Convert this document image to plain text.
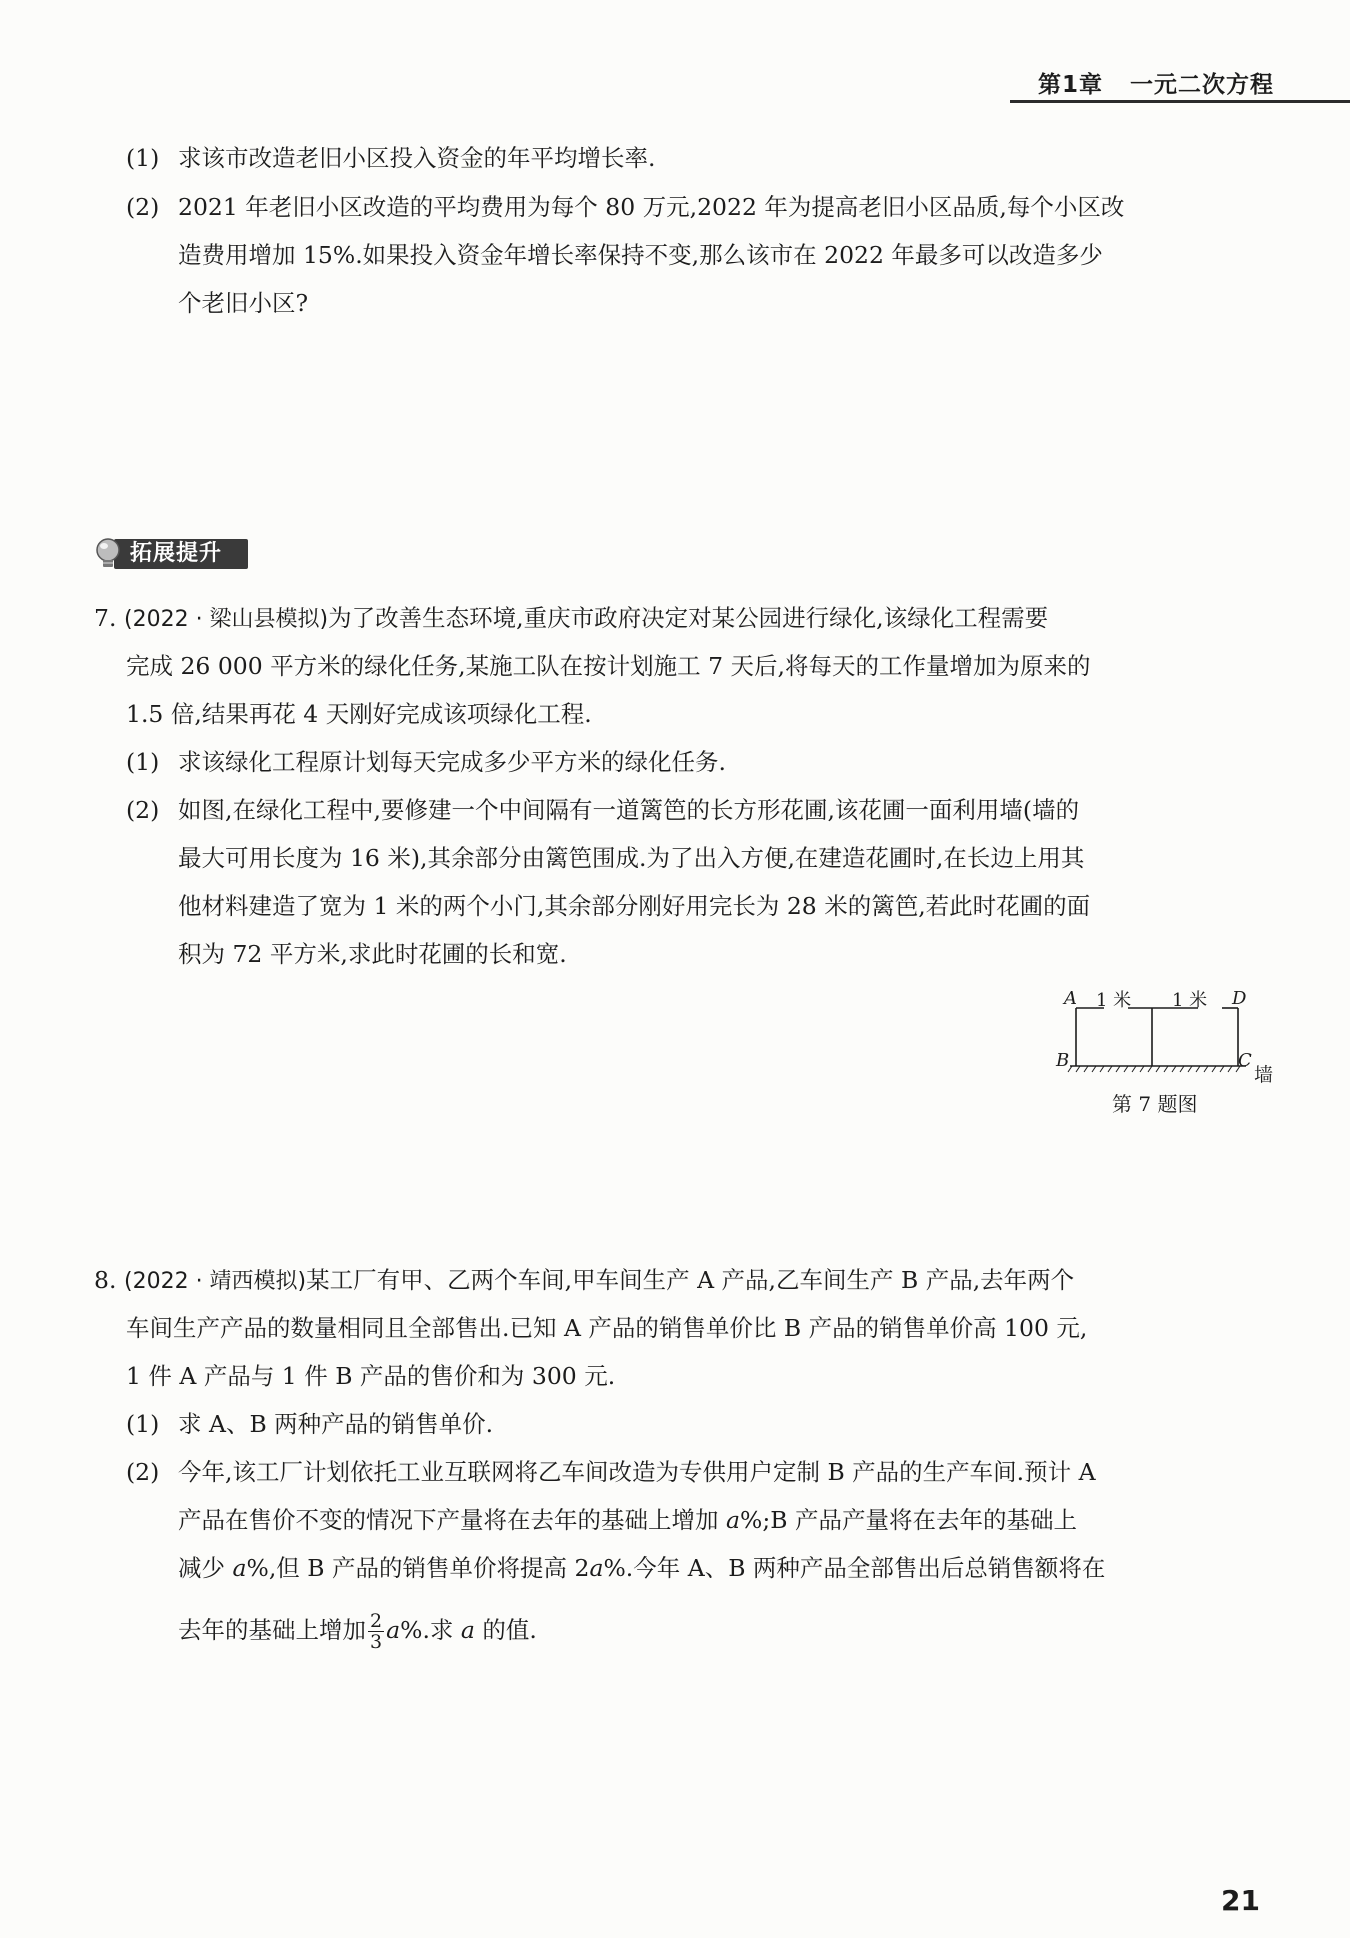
第1章 一元二次方程
(1) 求该市改造老旧小区投入资金的年平均增长率.
(2) 2021 年老旧小区改造的平均费用为每个 80 万元,2022 年为提高老旧小区品质,每个小区改
造费用增加 15%.如果投入资金年增长率保持不变,那么该市在 2022 年最多可以改造多少
个老旧小区?
拓展提升
7. (2022 · 梁山县模拟)为了改善生态环境,重庆市政府决定对某公园进行绿化,该绿化工程需要
完成 26 000 平方米的绿化任务,某施工队在按计划施工 7 天后,将每天的工作量增加为原来的
1.5 倍,结果再花 4 天刚好完成该项绿化工程.
(1) 求该绿化工程原计划每天完成多少平方米的绿化任务.
(2) 如图,在绿化工程中,要修建一个中间隔有一道篱笆的长方形花圃,该花圃一面利用墙(墙的
最大可用长度为 16 米),其余部分由篱笆围成.为了出入方便,在建造花圃时,在长边上用其
他材料建造了宽为 1 米的两个小门,其余部分刚好用完长为 28 米的篱笆,若此时花圃的面
积为 72 平方米,求此时花圃的长和宽.
A 1 米 1 米 D
B	C
墙
第 7 题图
8. (2022 · 靖西模拟)某工厂有甲、乙两个车间,甲车间生产 A 产品,乙车间生产 B 产品,去年两个
车间生产产品的数量相同且全部售出.已知 A 产品的销售单价比 B 产品的销售单价高 100 元,
1 件 A 产品与 1 件 B 产品的售价和为 300 元.
(1) 求 A、B 两种产品的销售单价.
(2) 今年,该工厂计划依托工业互联网将乙车间改造为专供用户定制 B 产品的生产车间.预计 A
产品在售价不变的情况下产量将在去年的基础上增加 a%;B 产品产量将在去年的基础上
减少 a%,但 B 产品的销售单价将提高 2a%.今年 A、B 两种产品全部售出后总销售额将在
去年的基础上增加 $\frac{2}{3} a\%$.求 a 的值.
21
